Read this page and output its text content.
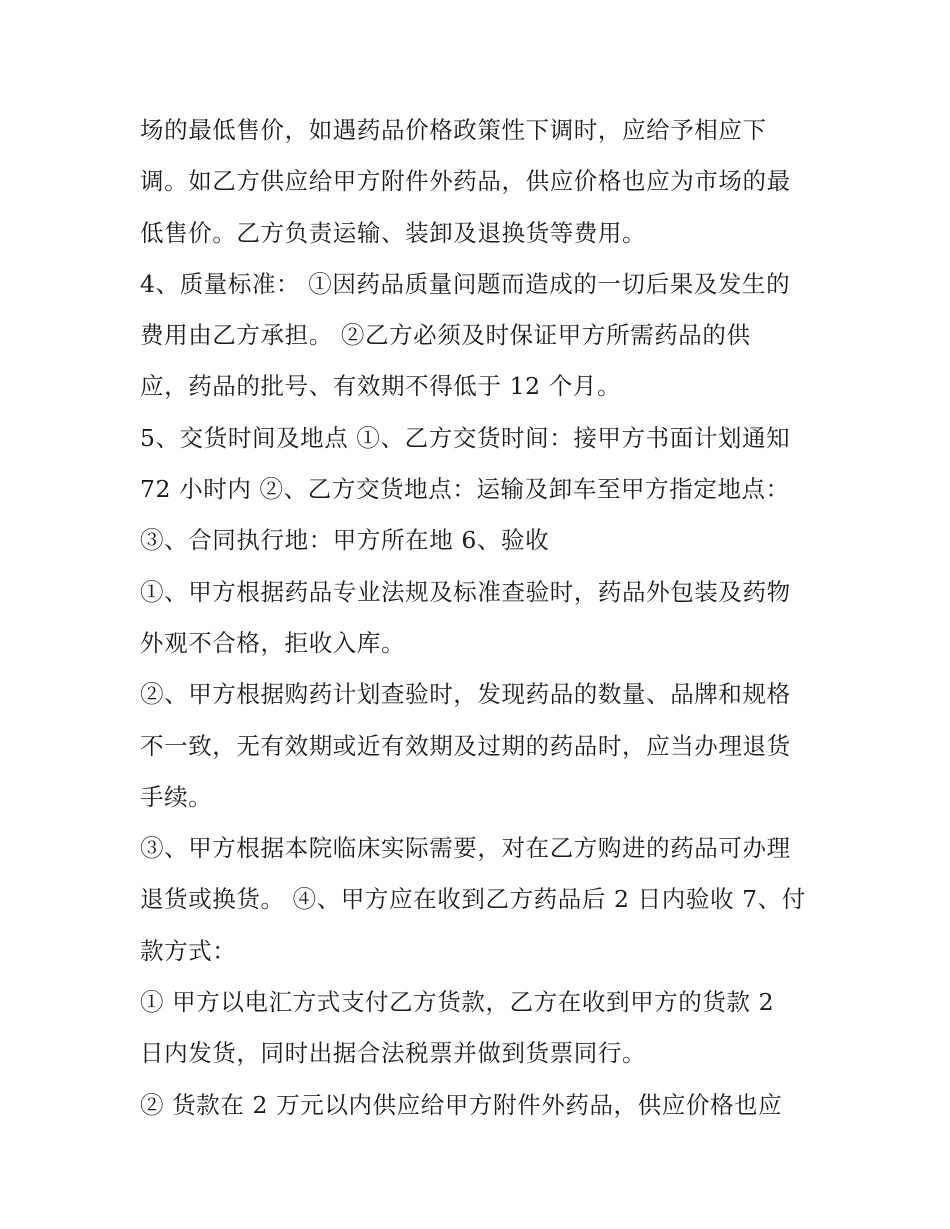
场的最低售价，如遇药品价格政策性下调时，应给予相应下
调。如乙方供应给甲方附件外药品，供应价格也应为市场的最
低售价。乙方负责运输、装卸及退换货等费用。
4、质量标准： ①因药品质量问题而造成的一切后果及发生的
费用由乙方承担。 ②乙方必须及时保证甲方所需药品的供
应，药品的批号、有效期不得低于 12 个月。
5、交货时间及地点 ①、乙方交货时间：接甲方书面计划通知
72 小时内 ②、乙方交货地点：运输及卸车至甲方指定地点：
③、合同执行地：甲方所在地 6、验收
①、甲方根据药品专业法规及标准查验时，药品外包装及药物
外观不合格，拒收入库。
②、甲方根据购药计划查验时，发现药品的数量、品牌和规格
不一致，无有效期或近有效期及过期的药品时，应当办理退货
手续。
③、甲方根据本院临床实际需要，对在乙方购进的药品可办理
退货或换货。 ④、甲方应在收到乙方药品后 2 日内验收 7、付
款方式：
① 甲方以电汇方式支付乙方货款，乙方在收到甲方的货款 2
日内发货，同时出据合法税票并做到货票同行。
② 货款在 2 万元以内供应给甲方附件外药品，供应价格也应
